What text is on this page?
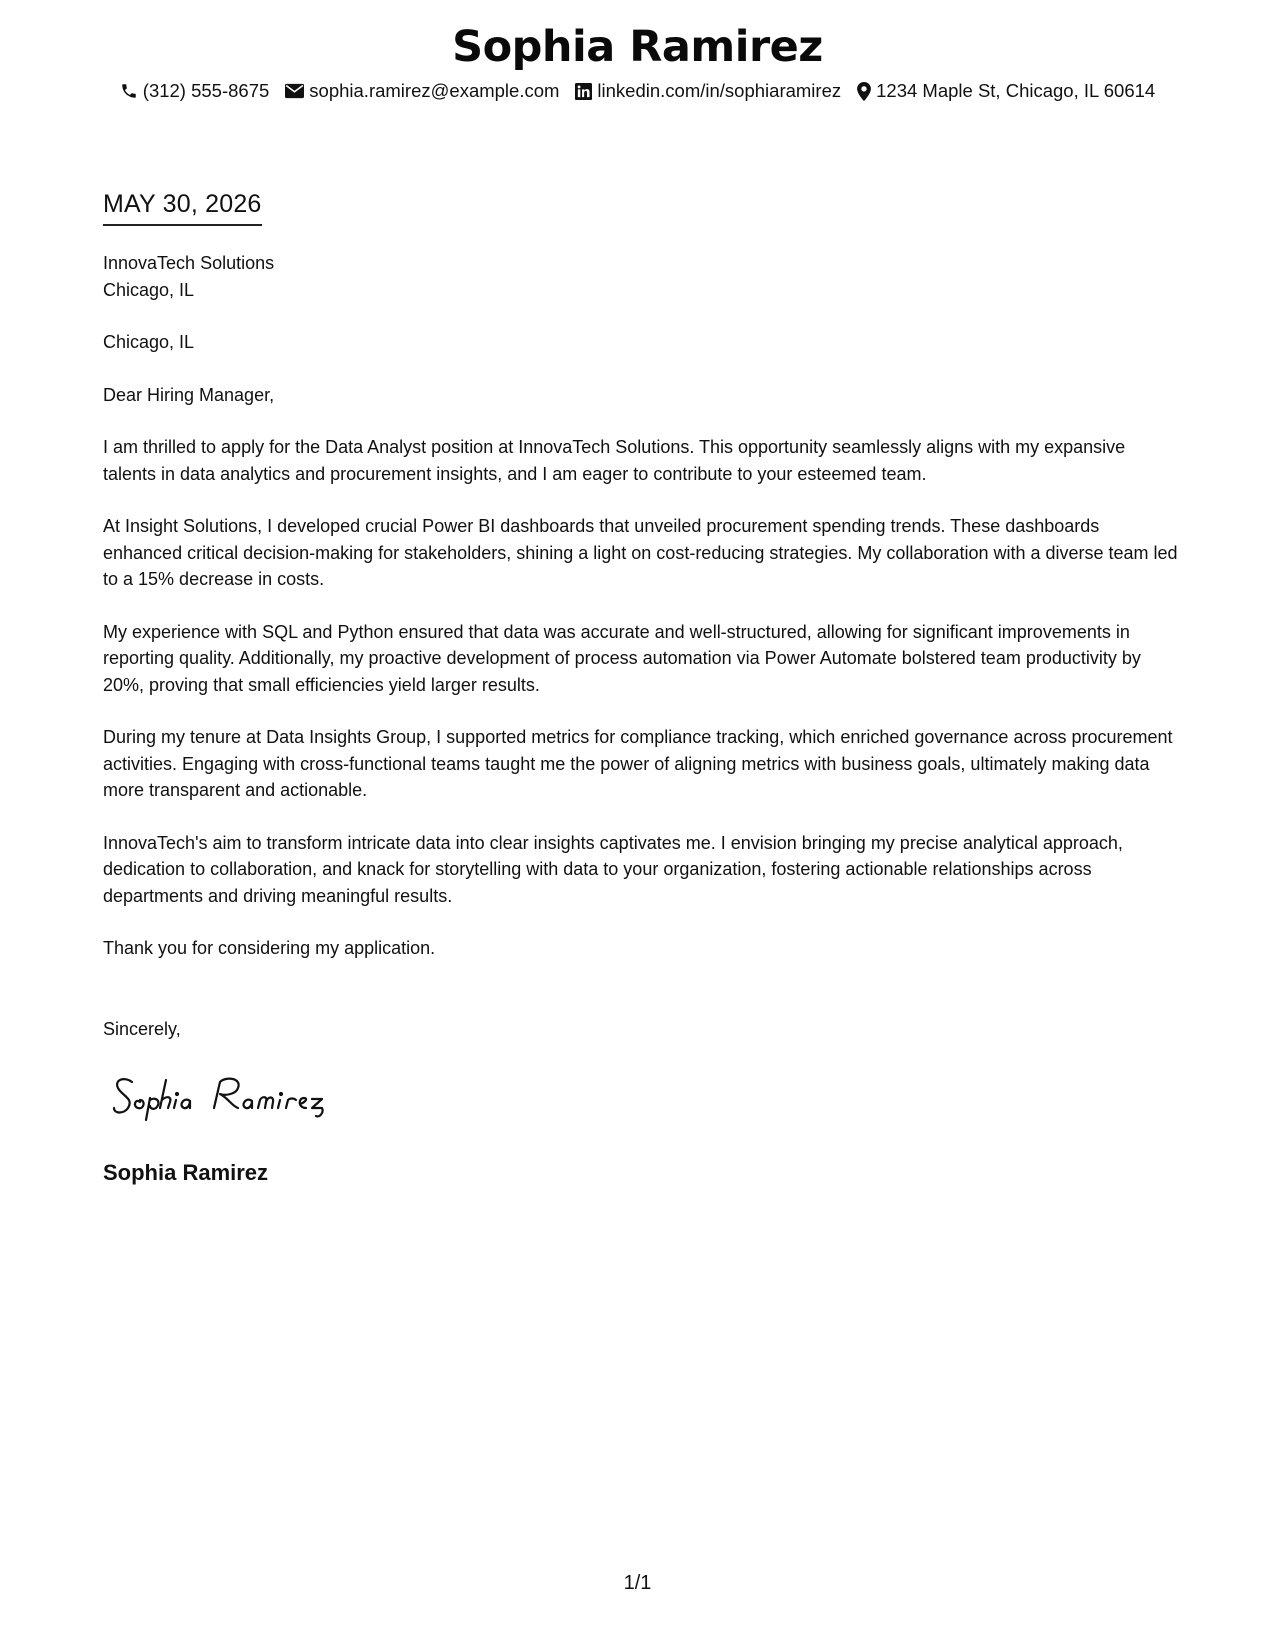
Sophia Ramirez
(312) 555-8675 sophia.ramirez@example.com linkedin.com/in/sophiaramirez 1234 Maple St, Chicago, IL 60614
MAY 30, 2026

InnovaTech Solutions
Chicago, IL

Chicago, IL

Dear Hiring Manager,

I am thrilled to apply for the Data Analyst position at InnovaTech Solutions. This opportunity seamlessly aligns with my expansive talents in data analytics and procurement insights, and I am eager to contribute to your esteemed team.

At Insight Solutions, I developed crucial Power BI dashboards that unveiled procurement spending trends. These dashboards enhanced critical decision-making for stakeholders, shining a light on cost-reducing strategies. My collaboration with a diverse team led to a 15% decrease in costs.

My experience with SQL and Python ensured that data was accurate and well-structured, allowing for significant improvements in reporting quality. Additionally, my proactive development of process automation via Power Automate bolstered team productivity by 20%, proving that small efficiencies yield larger results.

During my tenure at Data Insights Group, I supported metrics for compliance tracking, which enriched governance across procurement activities. Engaging with cross-functional teams taught me the power of aligning metrics with business goals, ultimately making data more transparent and actionable.

InnovaTech's aim to transform intricate data into clear insights captivates me. I envision bringing my precise analytical approach, dedication to collaboration, and knack for storytelling with data to your organization, fostering actionable relationships across departments and driving meaningful results.

Thank you for considering my application.

Sincerely,
Sophia Ramirez
1/1
